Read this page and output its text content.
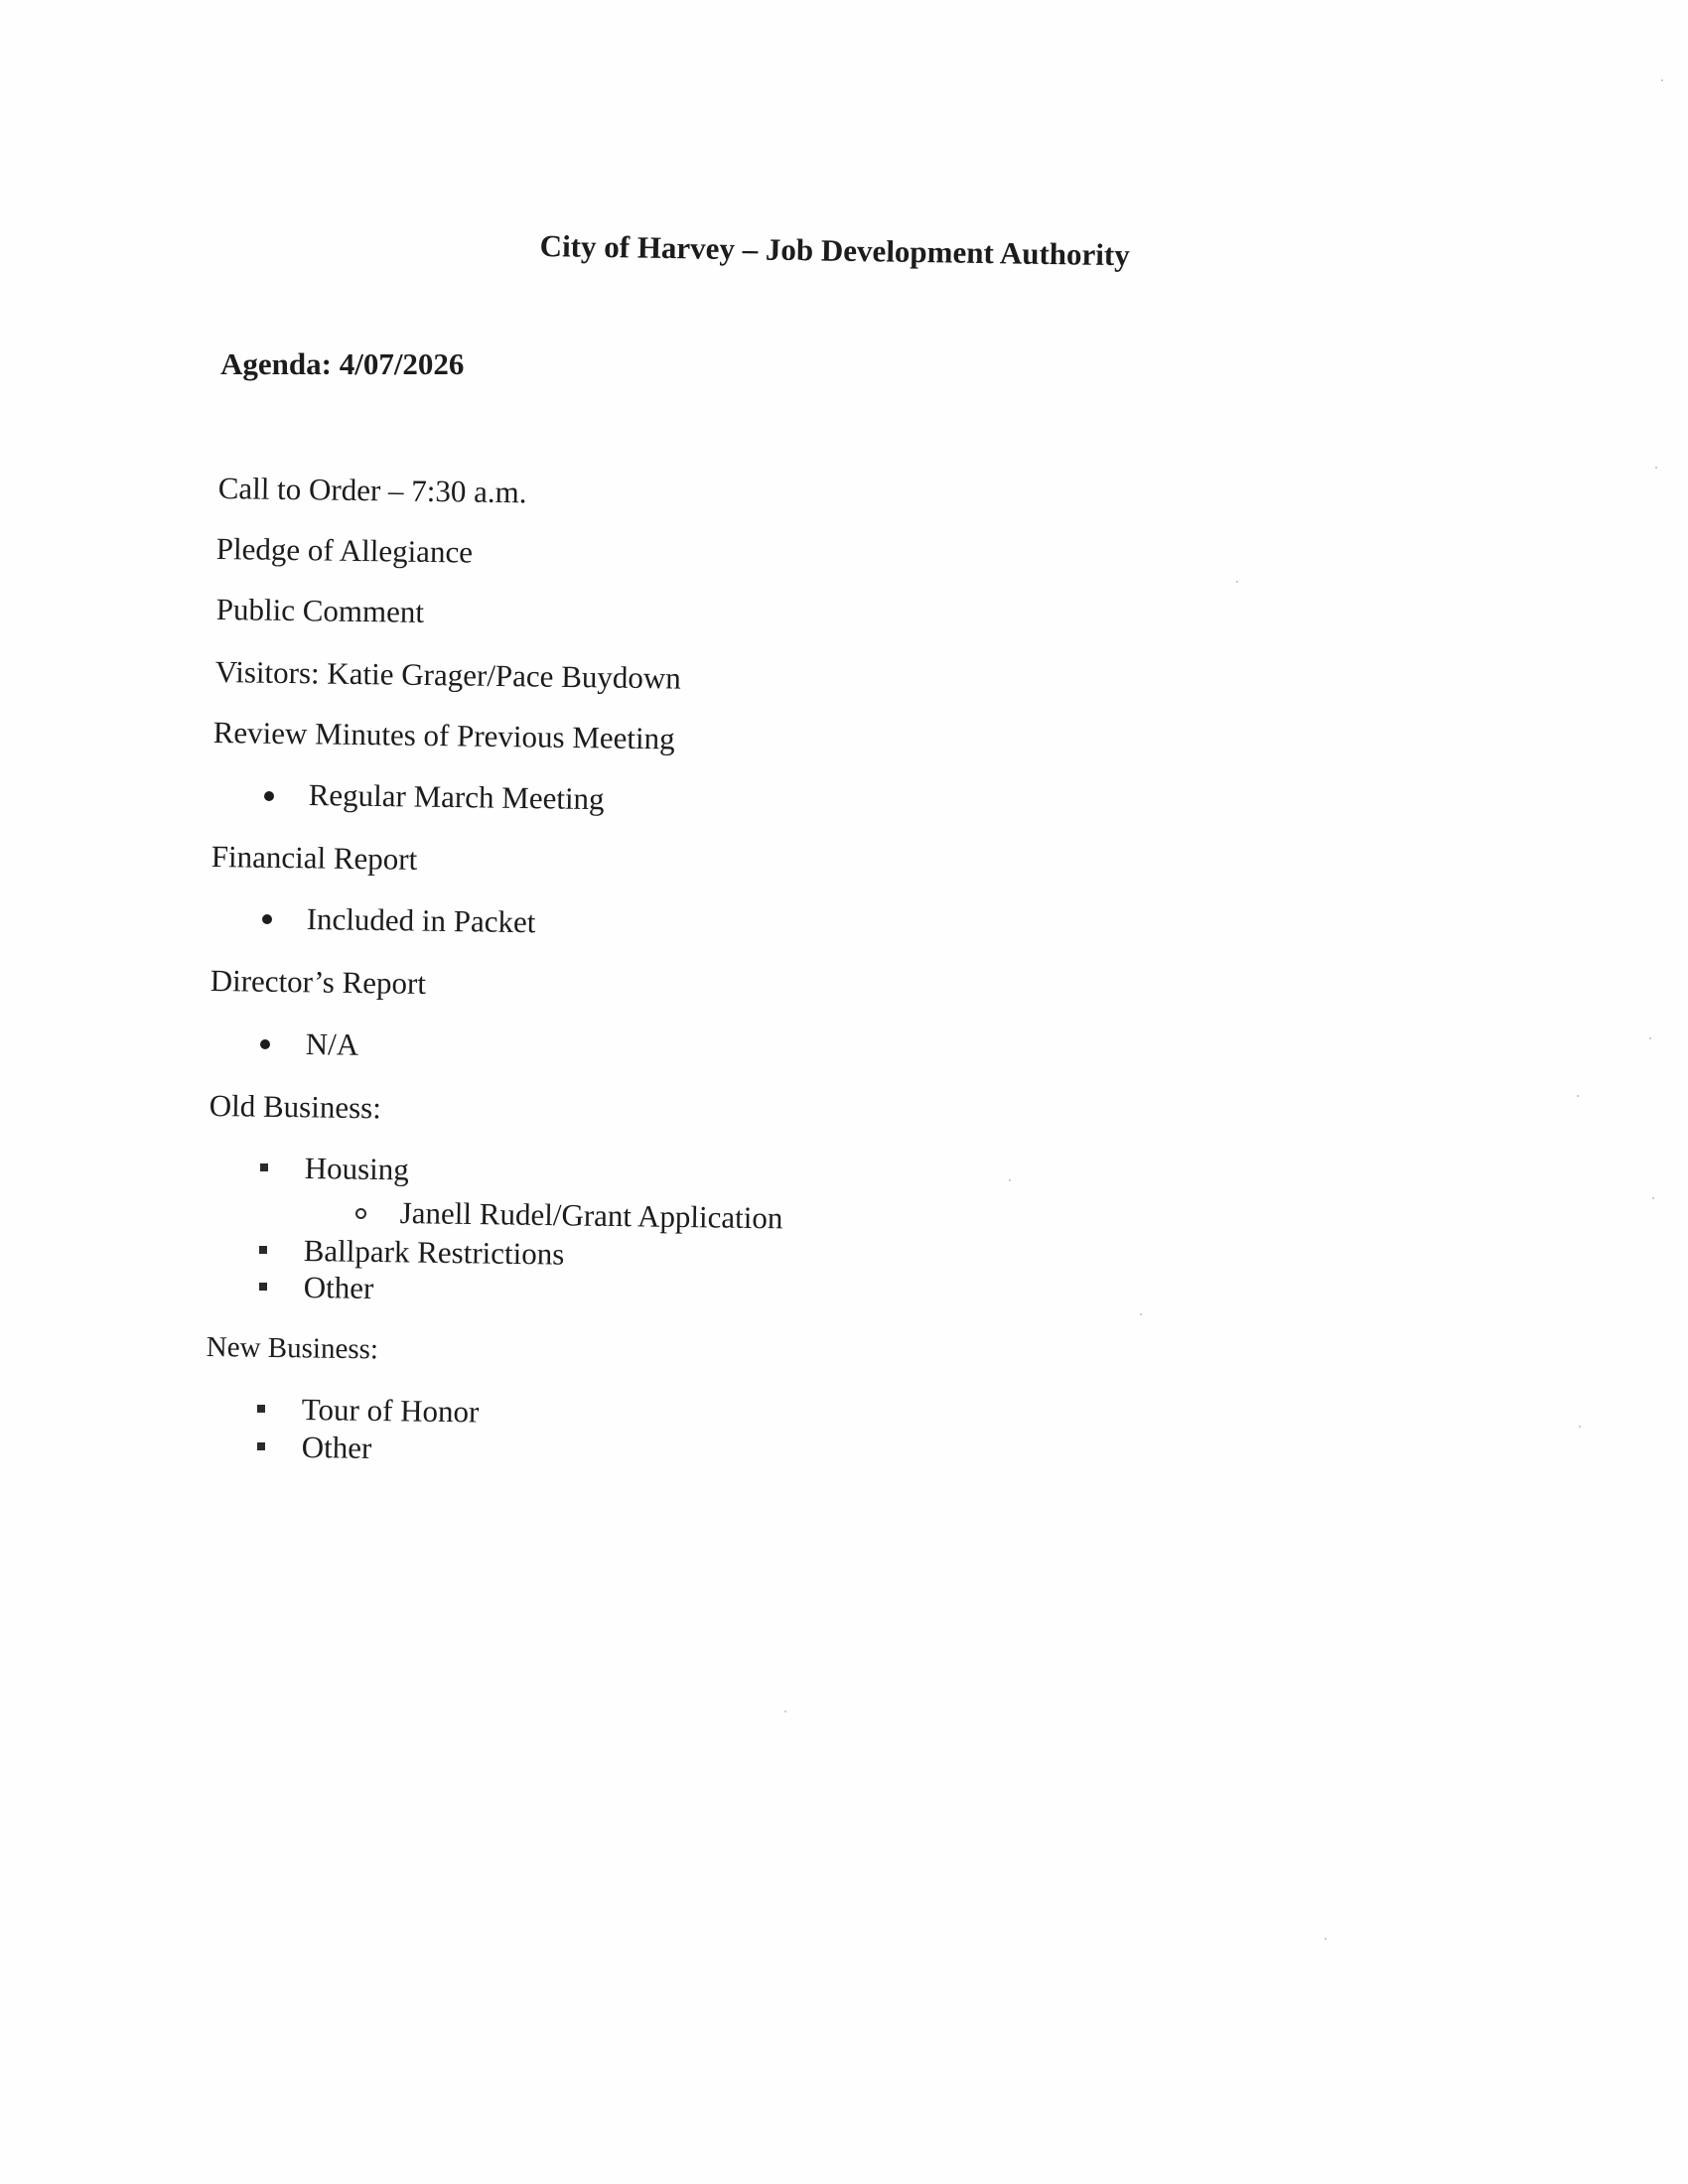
City of Harvey – Job Development Authority
Agenda: 4/07/2026
Call to Order – 7:30 a.m.
Pledge of Allegiance
Public Comment
Visitors: Katie Grager/Pace Buydown
Review Minutes of Previous Meeting
Regular March Meeting
Financial Report
Included in Packet
Director’s Report
N/A
Old Business:
Housing
Janell Rudel/Grant Application
Ballpark Restrictions
Other
New Business:
Tour of Honor
Other
